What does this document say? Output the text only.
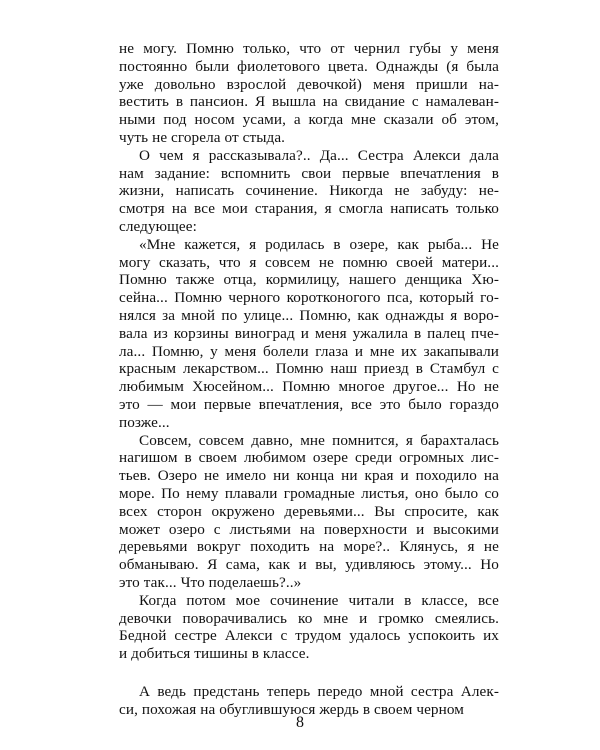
не могу. Помню только, что от чернил губы у меня
постоянно были фиолетового цвета. Однажды (я была
уже довольно взрослой девочкой) меня пришли на-
вестить в пансион. Я вышла на свидание с намалеван-
ными под носом усами, а когда мне сказали об этом,
чуть не сгорела от стыда.
О чем я рассказывала?.. Да... Сестра Алекси дала
нам задание: вспомнить свои первые впечатления в
жизни, написать сочинение. Никогда не забуду: не-
смотря на все мои старания, я смогла написать только
следующее:
«Мне кажется, я родилась в озере, как рыба... Не
могу сказать, что я совсем не помню своей матери...
Помню также отца, кормилицу, нашего денщика Хю-
сейна... Помню черного коротконогого пса, который го-
нялся за мной по улице... Помню, как однажды я воро-
вала из корзины виноград и меня ужалила в палец пче-
ла... Помню, у меня болели глаза и мне их закапывали
красным лекарством... Помню наш приезд в Стамбул с
любимым Хюсейном... Помню многое другое... Но не
это — мои первые впечатления, все это было гораздо
позже...
Совсем, совсем давно, мне помнится, я барахталась
нагишом в своем любимом озере среди огромных лис-
тьев. Озеро не имело ни конца ни края и походило на
море. По нему плавали громадные листья, оно было со
всех сторон окружено деревьями... Вы спросите, как
может озеро с листьями на поверхности и высокими
деревьями вокруг походить на море?.. Клянусь, я не
обманываю. Я сама, как и вы, удивляюсь этому... Но
это так... Что поделаешь?..»
Когда потом мое сочинение читали в классе, все
девочки поворачивались ко мне и громко смеялись.
Бедной сестре Алекси с трудом удалось успокоить их
и добиться тишины в классе.
А ведь предстань теперь передо мной сестра Алек-
си, похожая на обуглившуюся жердь в своем черном
8
